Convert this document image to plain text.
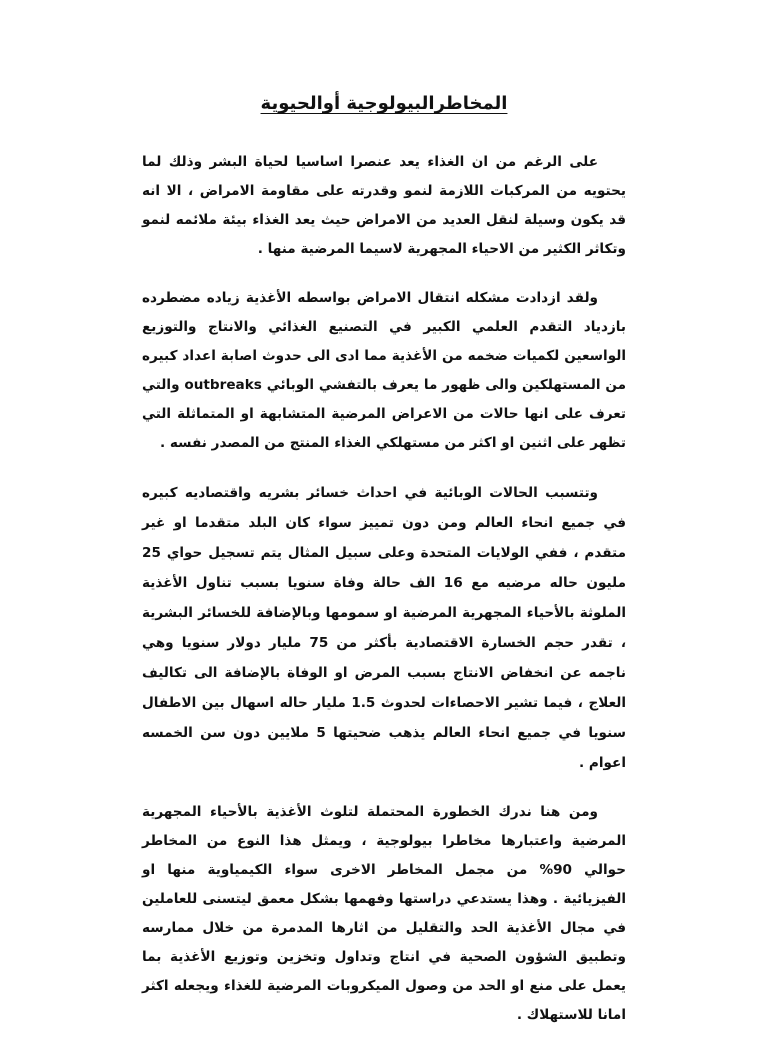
المخاطرالبيولوجية أوالحيوية

على الرغم من ان الغذاء يعد عنصرا اساسيا لحياة البشر وذلك لما يحتويه من المركبات اللازمة لنمو وقدرته على مقاومة الامراض ، الا انه قد يكون وسيلة لنقل العديد من الامراض حيث يعد الغذاء بيئة ملائمه لنمو وتكاثر الكثير من الاحياء المجهرية لاسيما المرضية منها .

ولقد ازدادت مشكله انتقال الامراض بواسطه الأغذية زياده مضطرده بازدياد التقدم العلمي الكبير في التصنيع الغذائي والانتاج والتوزيع الواسعين لكميات ضخمه من الأغذية مما ادى الى حدوث اصابة اعداد كبيره من المستهلكين والى ظهور ما يعرف بالتفشي الوبائي outbreaks والتي تعرف على انها حالات من الاعراض المرضية المتشابهة او المتماثلة التي تظهر على اثنين او اكثر من مستهلكي الغذاء المنتج من المصدر نفسه .

وتتسبب الحالات الوبائية في احداث خسائر بشريه واقتصاديه كبيره في جميع انحاء العالم ومن دون تمييز سواء كان البلد متقدما او غير متقدم ، ففي الولايات المتحدة وعلى سبيل المثال يتم تسجيل حواي 25 مليون حاله مرضيه مع 16 الف حالة وفاة سنويا بسبب تناول الأغذية الملوثة بالأحياء المجهرية المرضية او سمومها وبالإضافة للخسائر البشرية ، تقدر حجم الخسارة الاقتصادية بأكثر من 75 مليار دولار سنويا وهي ناجمه عن انخفاض الانتاج بسبب المرض او الوفاة بالإضافة الى تكاليف العلاج ، فيما تشير الاحصاءات لحدوث 1.5 مليار حاله اسهال بين الاطفال سنويا في جميع انحاء العالم يذهب ضحيتها 5 ملايين دون سن الخمسه اعوام .

ومن هنا ندرك الخطورة المحتملة لتلوث الأغذية بالأحياء المجهرية المرضية واعتبارها مخاطرا بيولوجية ، ويمثل هذا النوع من المخاطر حوالي 90% من مجمل المخاطر الاخرى سواء الكيمياوية منها او الفيزيائية . وهذا يستدعي دراستها وفهمها بشكل معمق ليتسنى للعاملين في مجال الأغذية الحد والتقليل من اثارها المدمرة من خلال ممارسه وتطبيق الشؤون الصحية في انتاج وتداول وتخزين وتوزيع الأغذية بما يعمل على منع او الحد من وصول الميكروبات المرضية للغذاء ويجعله اكثر امانا للاستهلاك .
